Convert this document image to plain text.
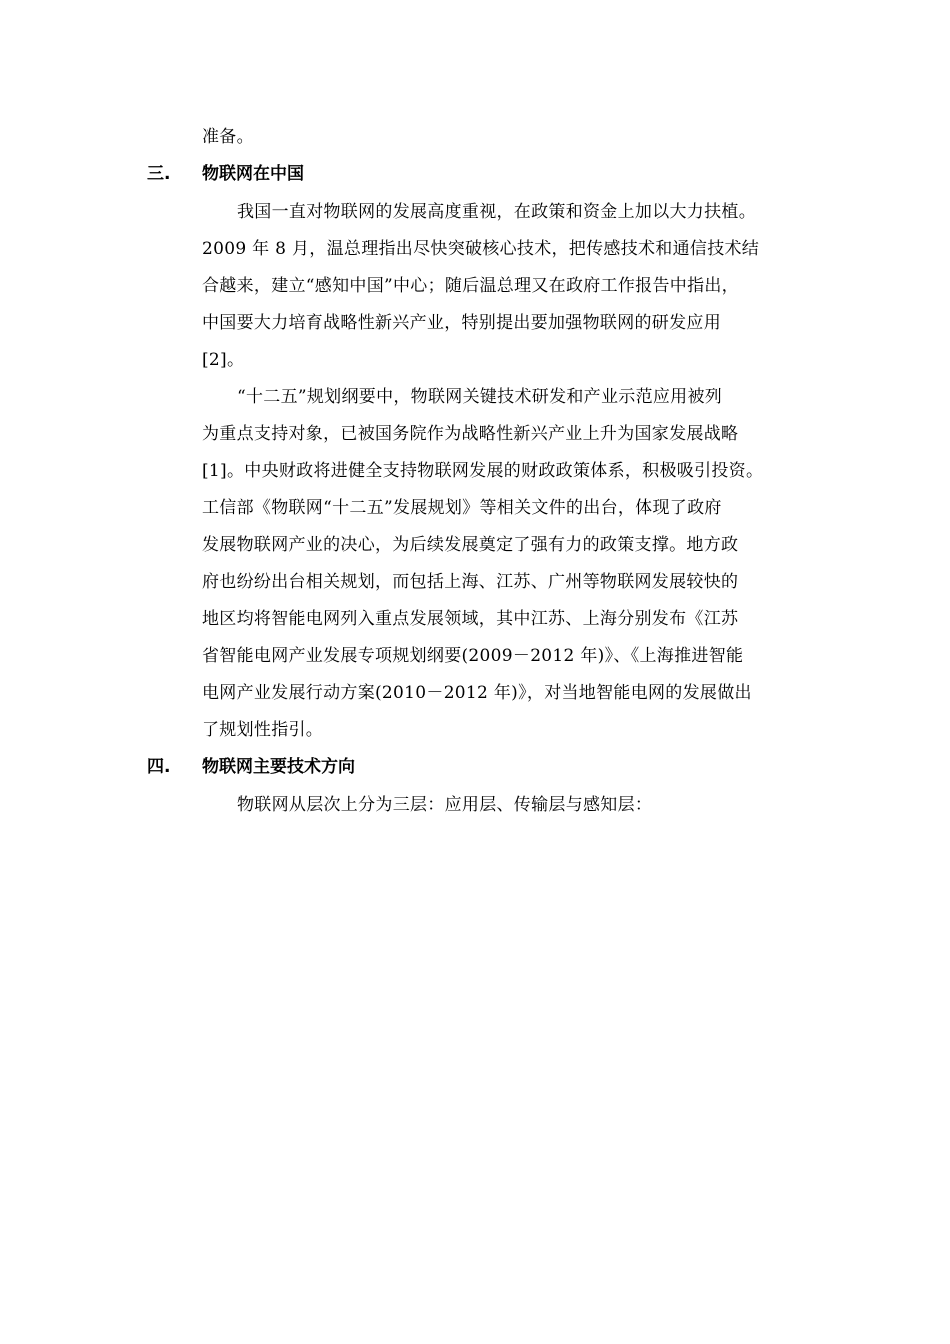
准备。
三. 物联网在中国
我国一直对物联网的发展高度重视，在政策和资金上加以大力扶植。
2009 年 8 月，温总理指出尽快突破核心技术，把传感技术和通信技术结
合越来，建立“感知中国”中心；随后温总理又在政府工作报告中指出，
中国要大力培育战略性新兴产业，特别提出要加强物联网的研发应用
[2]。
“十二五”规划纲要中，物联网关键技术研发和产业示范应用被列
为重点支持对象，已被国务院作为战略性新兴产业上升为国家发展战略
[1]。中央财政将进健全支持物联网发展的财政政策体系，积极吸引投资。
工信部《物联网“十二五”发展规划》等相关文件的出台，体现了政府
发展物联网产业的决心，为后续发展奠定了强有力的政策支撑。地方政
府也纷纷出台相关规划，而包括上海、江苏、广州等物联网发展较快的
地区均将智能电网列入重点发展领域，其中江苏、上海分别发布《江苏
省智能电网产业发展专项规划纲要(2009－2012 年)》、《上海推进智能
电网产业发展行动方案(2010－2012 年)》，对当地智能电网的发展做出
了规划性指引。
四. 物联网主要技术方向
物联网从层次上分为三层：应用层、传输层与感知层：
